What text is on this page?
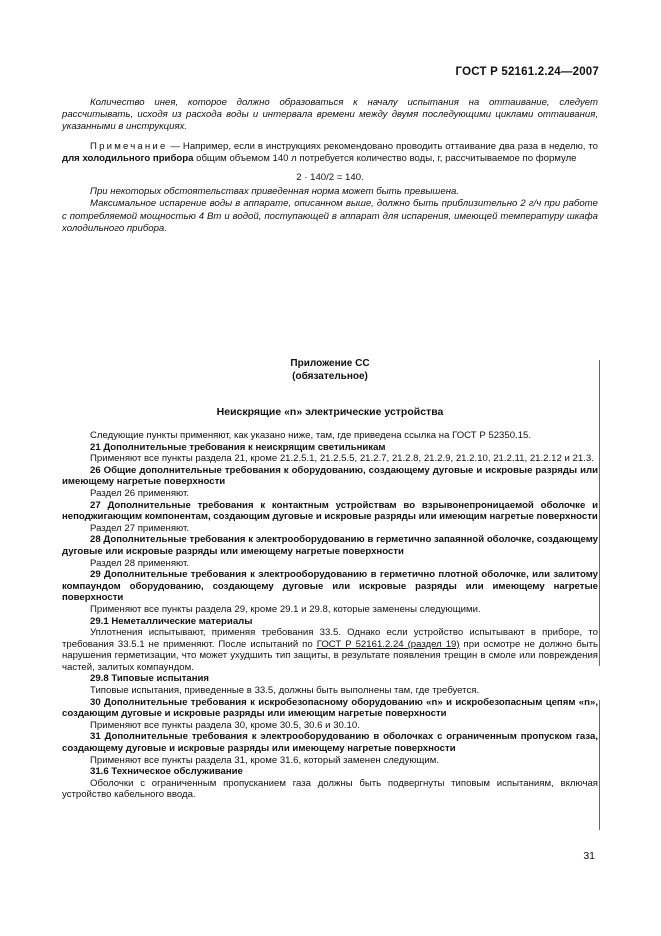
ГОСТ Р 52161.2.24—2007

Количество инея, которое должно образоваться к началу испытания на оттаивание, следует рассчитывать, исходя из расхода воды и интервала времени между двумя последующими циклами оттаивания, указанными в инструкциях.

Примечание — Например, если в инструкциях рекомендовано проводить оттаивание два раза в неделю, то для холодильного прибора общим объемом 140 л потребуется количество воды, г, рассчитываемое по формуле

2 · 140/2 = 140.

При некоторых обстоятельствах приведенная норма может быть превышена.

Максимальное испарение воды в аппарате, описанном выше, должно быть приблизительно 2 г/ч при работе с потребляемой мощностью 4 Вт и водой, поступающей в аппарат для испарения, имеющей температуру шкафа холодильного прибора.

Приложение СС
(обязательное)
Неискрящие «n» электрические устройства

Следующие пункты применяют, как указано ниже, там, где приведена ссылка на ГОСТ Р 52350.15.

21 Дополнительные требования к неискрящим светильникам

Применяют все пункты раздела 21, кроме 21.2.5.1, 21.2.5.5, 21.2.7, 21.2.8, 21.2.9, 21.2.10, 21.2.11, 21.2.12 и 21.3.

26 Общие дополнительные требования к оборудованию, создающему дуговые и искровые разряды или имеющему нагретые поверхности

Раздел 26 применяют.

27 Дополнительные требования к контактным устройствам во взрывонепроницаемой оболочке и неподжигающим компонентам, создающим дуговые и искровые разряды или имеющим нагретые поверхности

Раздел 27 применяют.

28 Дополнительные требования к электрооборудованию в герметично запаянной оболочке, создающему дуговые или искровые разряды или имеющему нагретые поверхности

Раздел 28 применяют.

29 Дополнительные требования к электрооборудованию в герметично плотной оболочке, или залитому компаундом оборудованию, создающему дуговые или искровые разряды или имеющему нагретые поверхности

Применяют все пункты раздела 29, кроме 29.1 и 29.8, которые заменены следующими.

29.1 Неметаллические материалы

Уплотнения испытывают, применяя требования 33.5. Однако если устройство испытывают в приборе, то требования 33.5.1 не применяют. После испытаний по ГОСТ Р 52161.2.24 (раздел 19) при осмотре не должно быть нарушения герметизации, что может ухудшить тип защиты, в результате появления трещин в смоле или повреждения частей, залитых компаундом.

29.8 Типовые испытания

Типовые испытания, приведенные в 33.5, должны быть выполнены там, где требуется.

30 Дополнительные требования к искробезопасному оборудованию «n» и искробезопасным цепям «n», создающим дуговые и искровые разряды или имеющим нагретые поверхности

Применяют все пункты раздела 30, кроме 30.5, 30.6 и 30.10.

31 Дополнительные требования к электрооборудованию в оболочках с ограниченным пропуском газа, создающему дуговые и искровые разряды или имеющему нагретые поверхности

Применяют все пункты раздела 31, кроме 31.6, который заменен следующим.

31.6 Техническое обслуживание

Оболочки с ограниченным пропусканием газа должны быть подвергнуты типовым испытаниям, включая устройство кабельного ввода.

31
